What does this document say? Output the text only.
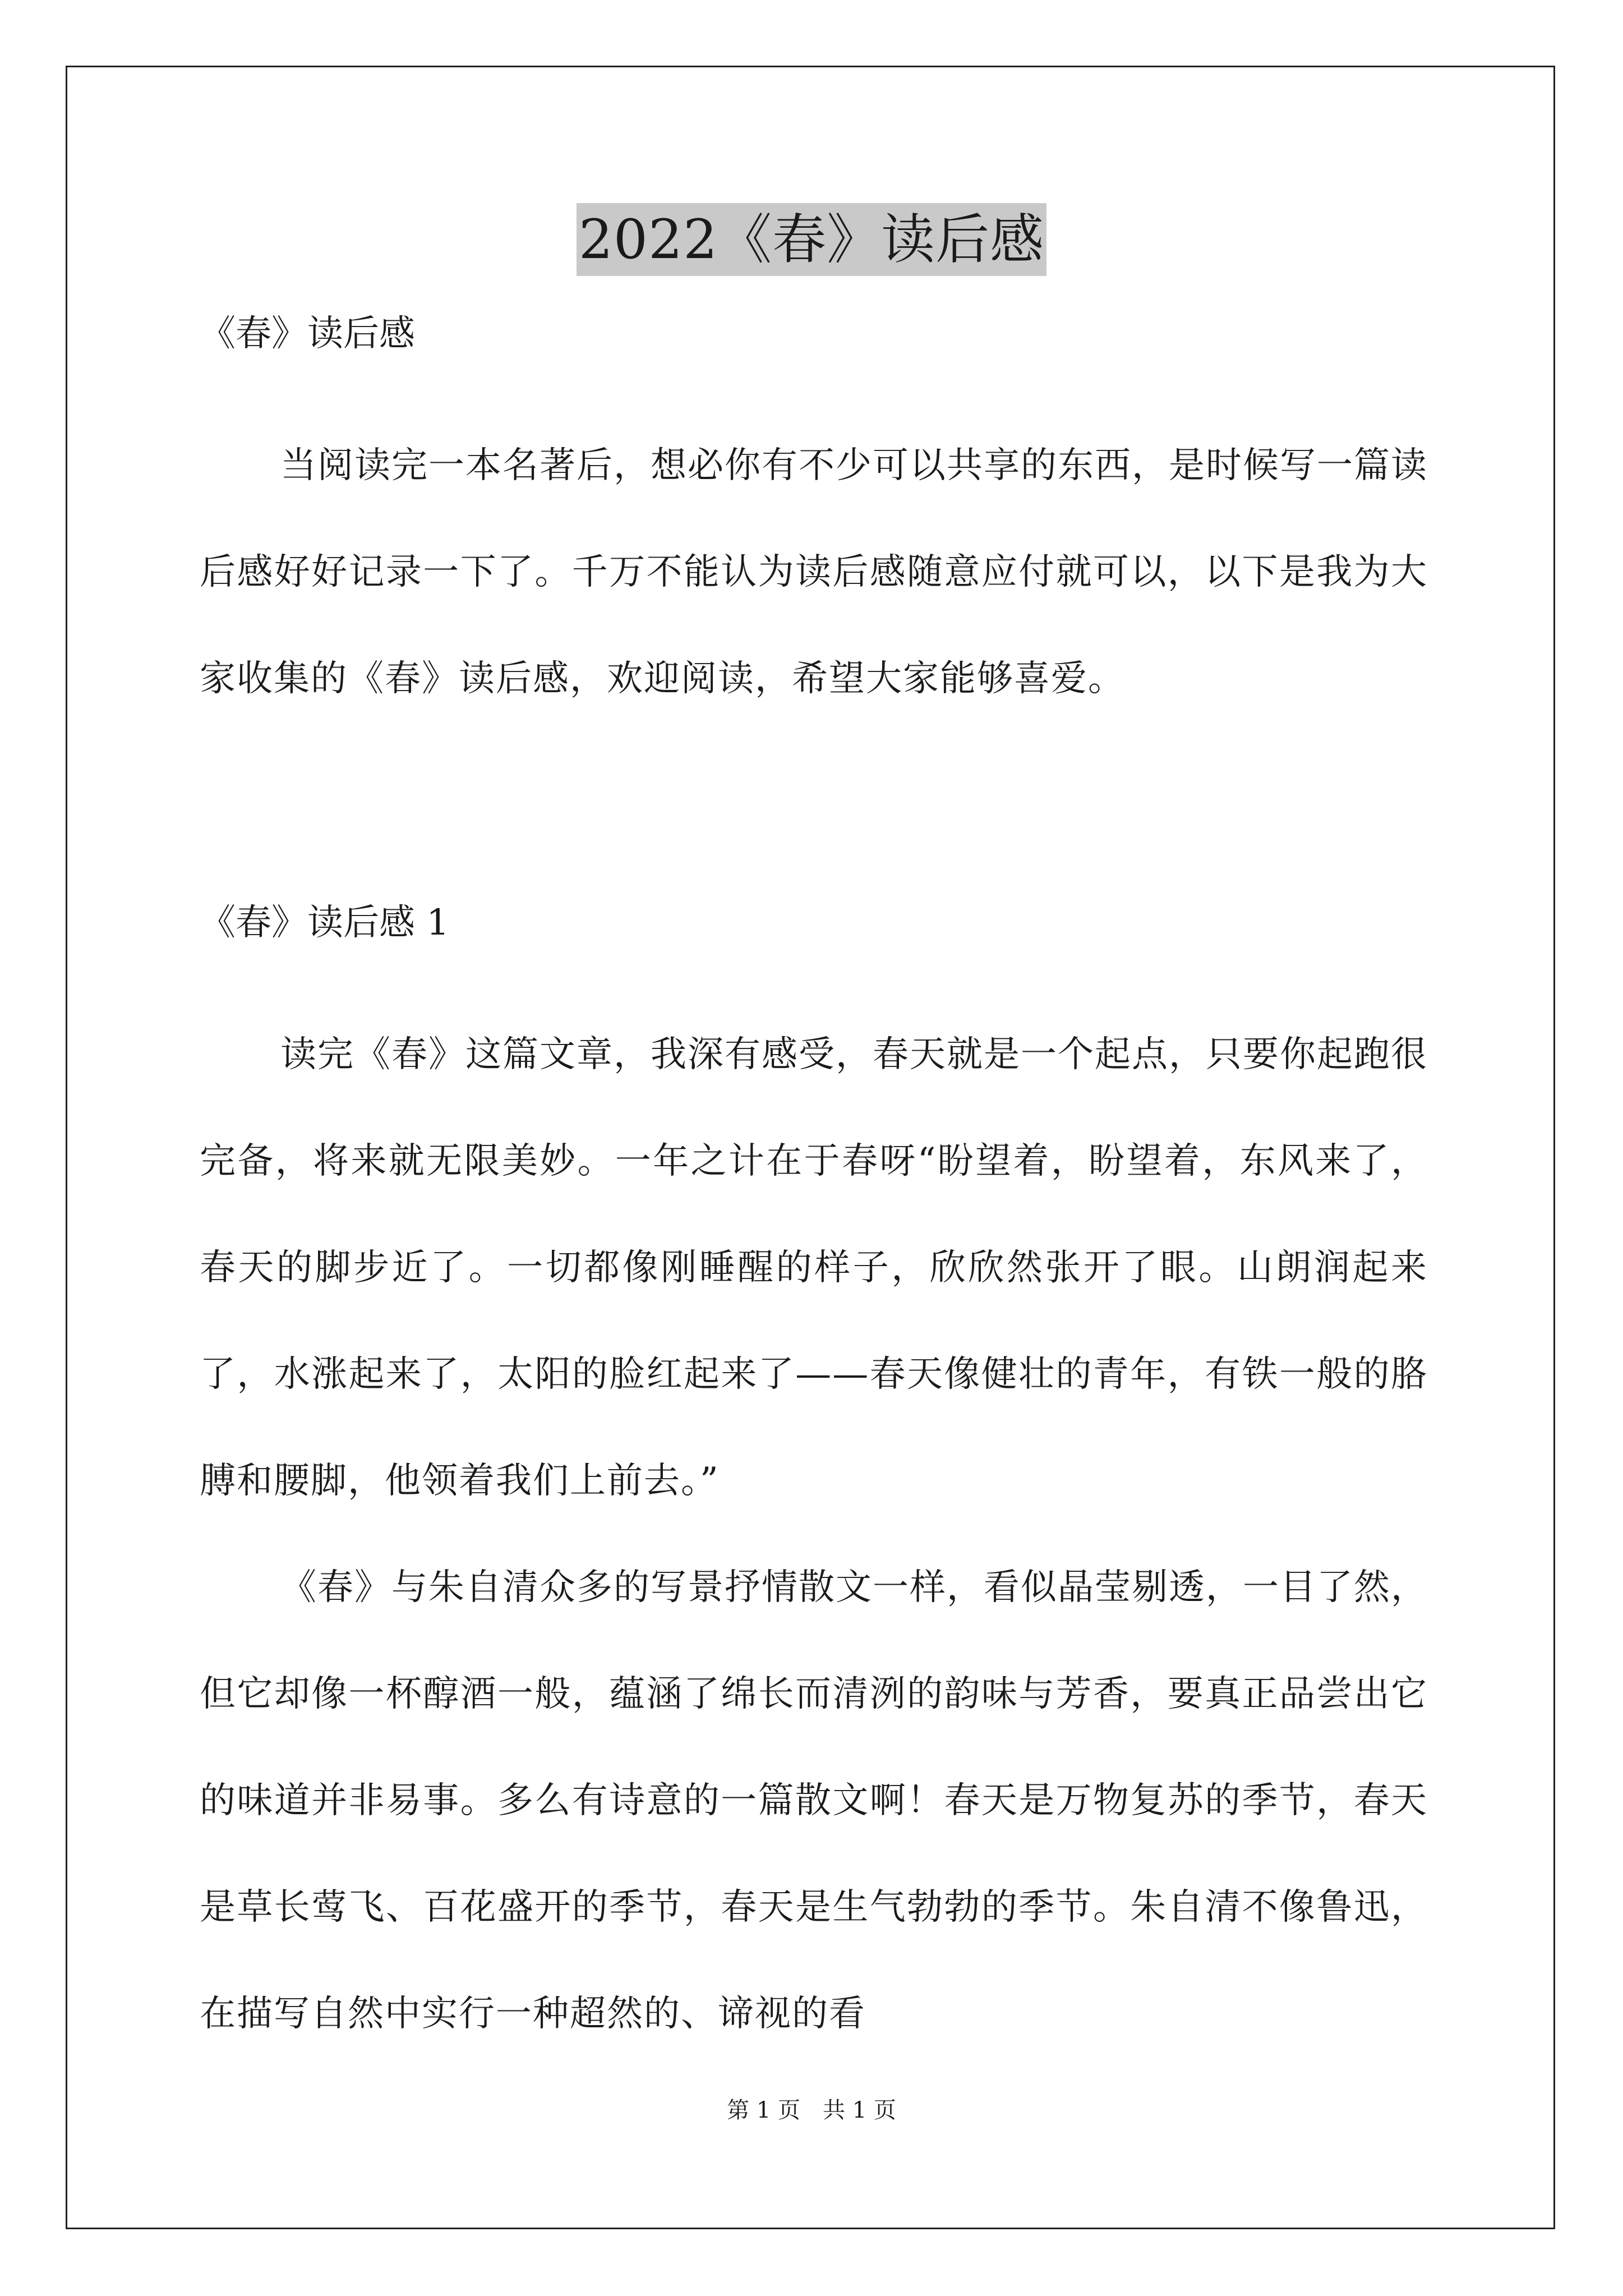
2022《春》读后感

《春》读后感

当阅读完一本名著后，想必你有不少可以共享的东西，是时候写一篇读后感好好记录一下了。千万不能认为读后感随意应付就可以，以下是我为大家收集的《春》读后感，欢迎阅读，希望大家能够喜爱。

《春》读后感 1

读完《春》这篇文章，我深有感受，春天就是一个起点，只要你起跑很完备，将来就无限美妙。一年之计在于春呀“盼望着，盼望着，东风来了，春天的脚步近了。一切都像刚睡醒的样子，欣欣然张开了眼。山朗润起来了，水涨起来了，太阳的脸红起来了——春天像健壮的青年，有铁一般的胳膊和腰脚，他领着我们上前去。”

《春》与朱自清众多的写景抒情散文一样，看似晶莹剔透，一目了然，但它却像一杯醇酒一般，蕴涵了绵长而清洌的韵味与芳香，要真正品尝出它的味道并非易事。多么有诗意的一篇散文啊！春天是万物复苏的季节，春天是草长莺飞、百花盛开的季节，春天是生气勃勃的季节。朱自清不像鲁迅，在描写自然中实行一种超然的、谛视的看

第 1 页　共 1 页
